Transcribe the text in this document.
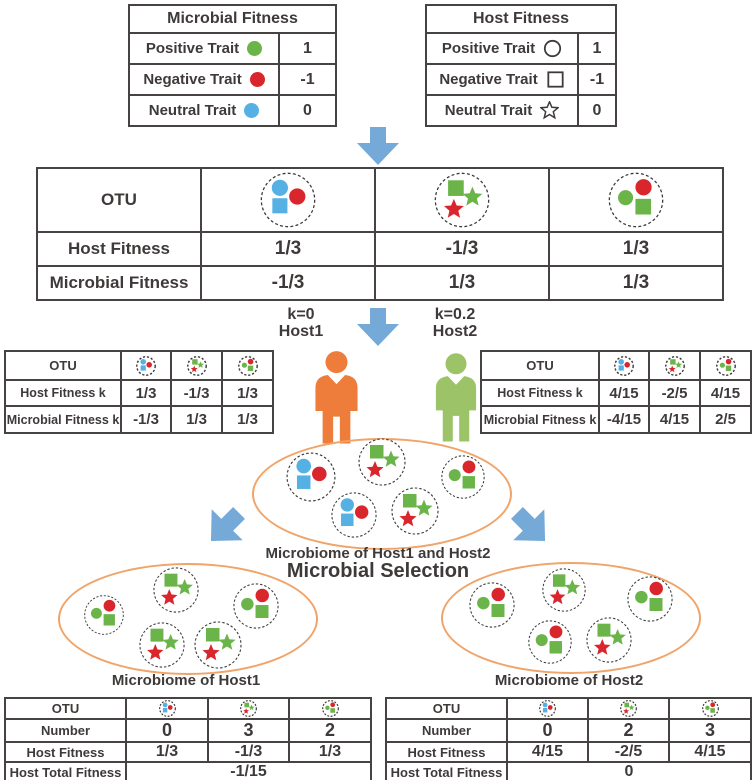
Microbial Fitness	

Positive Trait	1

Negative Trait	-1

Neutral Trait	0
Host Fitness	

Positive Trait	1

Negative Trait	-1

Neutral Trait	0
OTU			
Host Fitness	1/3	-1/3	1/3
Microbial Fitness	-1/3	1/3	1/3
k=0
Host1
k=0.2
Host2
OTU			
Host Fitness k	1/3	-1/3	1/3
Microbial Fitness k	-1/3	1/3	1/3
OTU			
Host Fitness k	4/15	-2/5	4/15
Microbial Fitness k	-4/15	4/15	2/5
Microbiome of Host1 and Host2
Microbial Selection
Microbiome of Host1	Microbiome of Host2
OTU			
Number	0	3	2
Host Fitness	1/3	-1/3	1/3
Host Total Fitness	-1/15		
OTU			
Number	0	2	3
Host Fitness	4/15	-2/5	4/15
Host Total Fitness	0		
